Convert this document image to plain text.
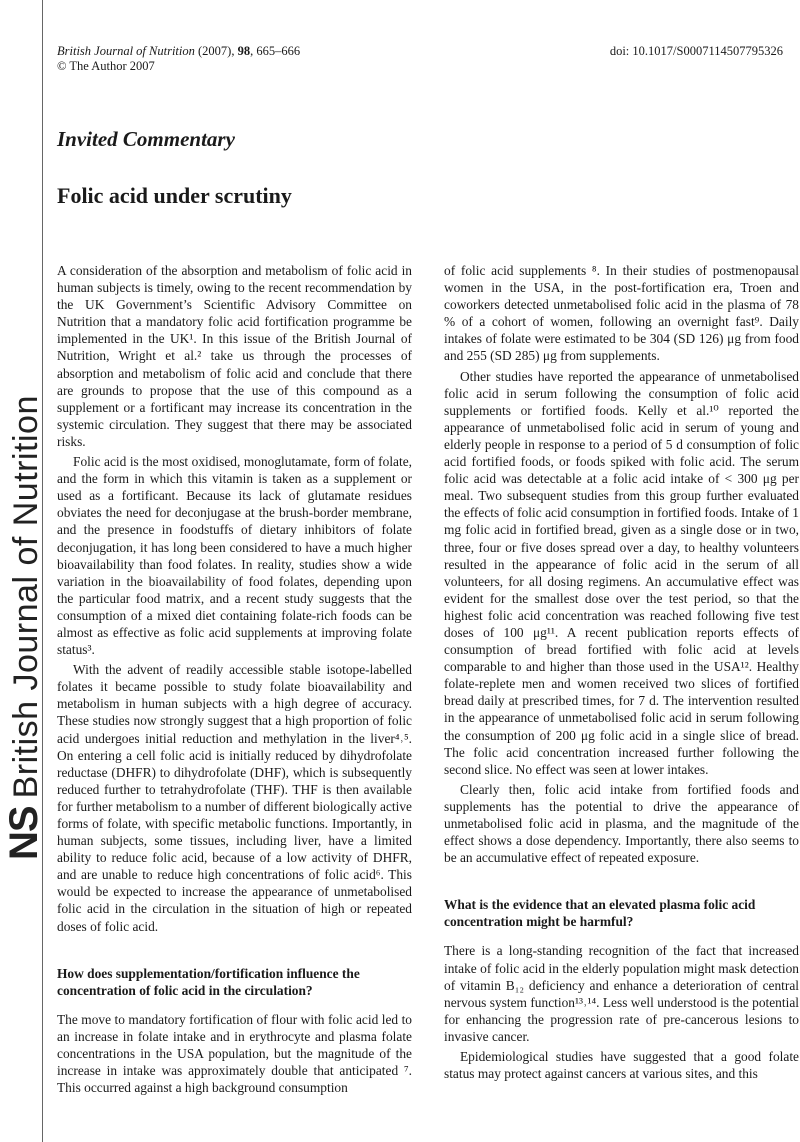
NSBritish Journal of Nutrition
British Journal of Nutrition (2007), 98, 665–666
© The Author 2007
doi: 10.1017/S0007114507795326
Invited Commentary
Folic acid under scrutiny

A consideration of the absorption and metabolism of folic acid in human subjects is timely, owing to the recent recommendation by the UK Government’s Scientific Advisory Committee on Nutrition that a mandatory folic acid fortification programme be implemented in the UK¹. In this issue of the British Journal of Nutrition, Wright et al.² take us through the processes of absorption and metabolism of folic acid and conclude that there are grounds to propose that the use of this compound as a supplement or a fortificant may increase its concentration in the systemic circulation. They suggest that there may be associated risks.

Folic acid is the most oxidised, monoglutamate, form of folate, and the form in which this vitamin is taken as a supplement or used as a fortificant. Because its lack of glutamate residues obviates the need for deconjugase at the brush-border membrane, and the presence in foodstuffs of dietary inhibitors of folate deconjugation, it has long been considered to have a much higher bioavailability than food folates. In reality, studies show a wide variation in the bioavailability of food folates, depending upon the particular food matrix, and a recent study suggests that the consumption of a mixed diet containing folate-rich foods can be almost as effective as folic acid supplements at improving folate status³.

With the advent of readily accessible stable isotope-labelled folates it became possible to study folate bioavailability and metabolism in human subjects with a high degree of accuracy. These studies now strongly suggest that a high proportion of folic acid undergoes initial reduction and methylation in the liver⁴˒⁵. On entering a cell folic acid is initially reduced by dihydrofolate reductase (DHFR) to dihydrofolate (DHF), which is subsequently reduced further to tetrahydrofolate (THF). THF is then available for further metabolism to a number of different biologically active forms of folate, with specific metabolic functions. Importantly, in human subjects, some tissues, including liver, have a limited ability to reduce folic acid, because of a low activity of DHFR, and are unable to reduce high concentrations of folic acid⁶. This would be expected to increase the appearance of unmetabolised folic acid in the circulation in the situation of high or repeated doses of folic acid.

How does supplementation/fortification influence the concentration of folic acid in the circulation?

The move to mandatory fortification of flour with folic acid led to an increase in folate intake and in erythrocyte and plasma folate concentrations in the USA population, but the magnitude of the increase in intake was approximately double that anticipated ⁷. This occurred against a high background consumption

of folic acid supplements ⁸. In their studies of postmenopausal women in the USA, in the post-fortification era, Troen and coworkers detected unmetabolised folic acid in the plasma of 78 % of a cohort of women, following an overnight fast⁹. Daily intakes of folate were estimated to be 304 (SD 126) μg from food and 255 (SD 285) μg from supplements.

Other studies have reported the appearance of unmetabolised folic acid in serum following the consumption of folic acid supplements or fortified foods. Kelly et al.¹⁰ reported the appearance of unmetabolised folic acid in serum of young and elderly people in response to a period of 5 d consumption of folic acid fortified foods, or foods spiked with folic acid. The serum folic acid was detectable at a folic acid intake of < 300 μg per meal. Two subsequent studies from this group further evaluated the effects of folic acid consumption in fortified foods. Intake of 1 mg folic acid in fortified bread, given as a single dose or in two, three, four or five doses spread over a day, to healthy volunteers resulted in the appearance of folic acid in the serum of all volunteers, for all dosing regimens. An accumulative effect was evident for the smallest dose over the test period, so that the highest folic acid concentration was reached following five test doses of 100 μg¹¹. A recent publication reports effects of consumption of bread fortified with folic acid at levels comparable to and higher than those used in the USA¹². Healthy folate-replete men and women received two slices of fortified bread daily at prescribed times, for 7 d. The intervention resulted in the appearance of unmetabolised folic acid in serum following the consumption of 200 μg folic acid in a single slice of bread. The folic acid concentration increased further following the second slice. No effect was seen at lower intakes.

Clearly then, folic acid intake from fortified foods and supplements has the potential to drive the appearance of unmetabolised folic acid in plasma, and the magnitude of the effect shows a dose dependency. Importantly, there also seems to be an accumulative effect of repeated exposure.

What is the evidence that an elevated plasma folic acid concentration might be harmful?

There is a long-standing recognition of the fact that increased intake of folic acid in the elderly population might mask detection of vitamin B₁₂ deficiency and enhance a deterioration of central nervous system function¹³˒¹⁴. Less well understood is the potential for enhancing the progression rate of pre-cancerous lesions to invasive cancer.

Epidemiological studies have suggested that a good folate status may protect against cancers at various sites, and this
